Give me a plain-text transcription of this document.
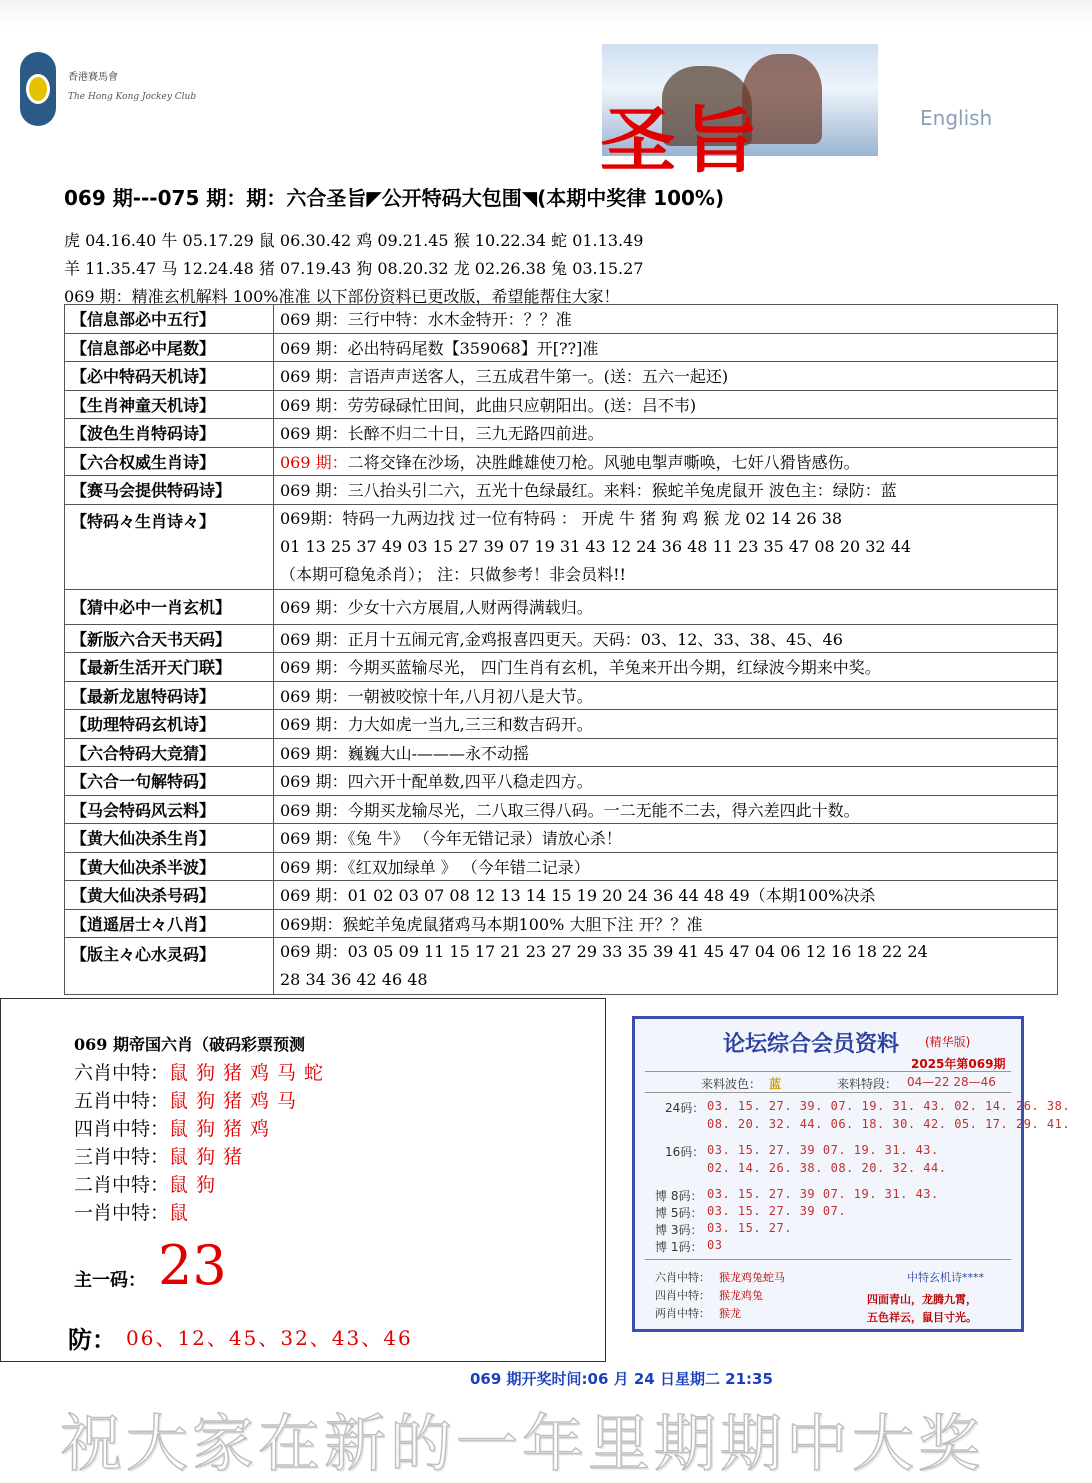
香港賽馬會
The Hong Kong Jockey Club
圣旨	English
069 期---075 期：期：六合圣旨◤公开特码大包围◥(本期中奖律 100%)
虎 04.16.40 牛 05.17.29 鼠 06.30.42 鸡 09.21.45 猴 10.22.34 蛇 01.13.49
羊 11.35.47 马 12.24.48 猪 07.19.43 狗 08.20.32 龙 02.26.38 兔 03.15.27
069 期：精准玄机解料 100%准准 以下部份资料已更改版，希望能帮住大家！
【信息部必中五行】	069 期：三行中特：水木金特开：？？准
【信息部必中尾数】	069 期：必出特码尾数【359068】开[??]准
【必中特码天机诗】	069 期：言语声声送客人，三五成君牛第一。(送：五六一起还)
【生肖神童天机诗】	069 期：劳劳碌碌忙田间，此曲只应朝阳出。(送：吕不韦)
【波色生肖特码诗】	069 期：长醉不归二十日，三九无路四前进。
【六合权威生肖诗】	069 期：二将交锋在沙场，决胜雌雄使刀枪。风驰电掣声嘶唤，七奸八猾皆感伤。
【赛马会提供特码诗】	069 期：三八抬头引二六，五光十色绿最红。来料：猴蛇羊兔虎鼠开 波色主：绿防：蓝
【特码々生肖诗々】	069期：特码一九两边找 过一位有特码 ： 开虎 牛 猪 狗 鸡 猴 龙 02 14 26 38
01 13 25 37 49 03 15 27 39 07 19 31 43 12 24 36 48 11 23 35 47 08 20 32 44
（本期可稳兔杀肖）； 注：只做参考！非会员料!!

【猜中必中一肖玄机】	069 期：少女十六方展眉,人财两得满载归。
【新版六合天书天码】	069 期：正月十五闹元宵,金鸡报喜四更天。天码：03、12、33、38、45、46
【最新生活开天门联】	069 期：今期买蓝输尽光， 四门生肖有玄机，羊兔来开出今期，红绿波今期来中奖。
【最新龙崽特码诗】	069 期：一朝被咬惊十年,八月初八是大节。
【助理特码玄机诗】	069 期：力大如虎一当九,三三和数吉码开。
【六合特码大竞猜】	069 期：巍巍大山-———永不动摇
【六合一句解特码】	069 期：四六开十配单数,四平八稳走四方。
【马会特码风云料】	069 期：今期买龙输尽光，二八取三得八码。一二无能不二去，得六差四此十数。
【黄大仙决杀生肖】	069 期：《兔 牛》 （今年无错记录）请放心杀！
【黄大仙决杀半波】	069 期：《红双加绿单 》 （今年错二记录）
【黄大仙决杀号码】	069 期：01 02 03 07 08 12 13 14 15 19 20 24 36 44 48 49（本期100%决杀
【逍遥居士々八肖】	069期：猴蛇羊兔虎鼠猪鸡马本期100% 大胆下注 开？？准
【版主々心水灵码】	069 期：03 05 09 11 15 17 21 23 27 29 33 35 39 41 45 47 04 06 12 16 18 22 24
28 34 36 42 46 48
069 期帝国六肖（破码彩票预测
六肖中特：鼠狗猪鸡马蛇
五肖中特：鼠狗猪鸡马
四肖中特：鼠狗猪鸡
三肖中特：鼠狗猪
二肖中特：鼠狗
一肖中特：鼠
主一码： 23
防： 06、12、45、32、43、46
论坛综合会员资料 (精华版)
2025年第069期
来料波色： 蓝	来料特段： 04—22 28—46
24码： 03. 15. 27. 39. 07. 19. 31. 43. 02. 14. 26. 38.
08. 20. 32. 44. 06. 18. 30. 42. 05. 17. 29. 41.
16码： 03. 15. 27. 39 07. 19. 31. 43.
02. 14. 26. 38. 08. 20. 32. 44.
博 8码： 03. 15. 27. 39 07. 19. 31. 43.
博 5码： 03. 15. 27. 39 07.
博 3码： 03. 15. 27.
博 1码： 03
六肖中特： 猴龙鸡兔蛇马
四肖中特： 猴龙鸡兔
两肖中特： 猴龙
中特玄机诗****
四面青山，龙腾九霄，
五色祥云，鼠目寸光。
069 期开奖时间:06 月 24 日星期二 21:35
祝大家在新的一年里期期中大奖
